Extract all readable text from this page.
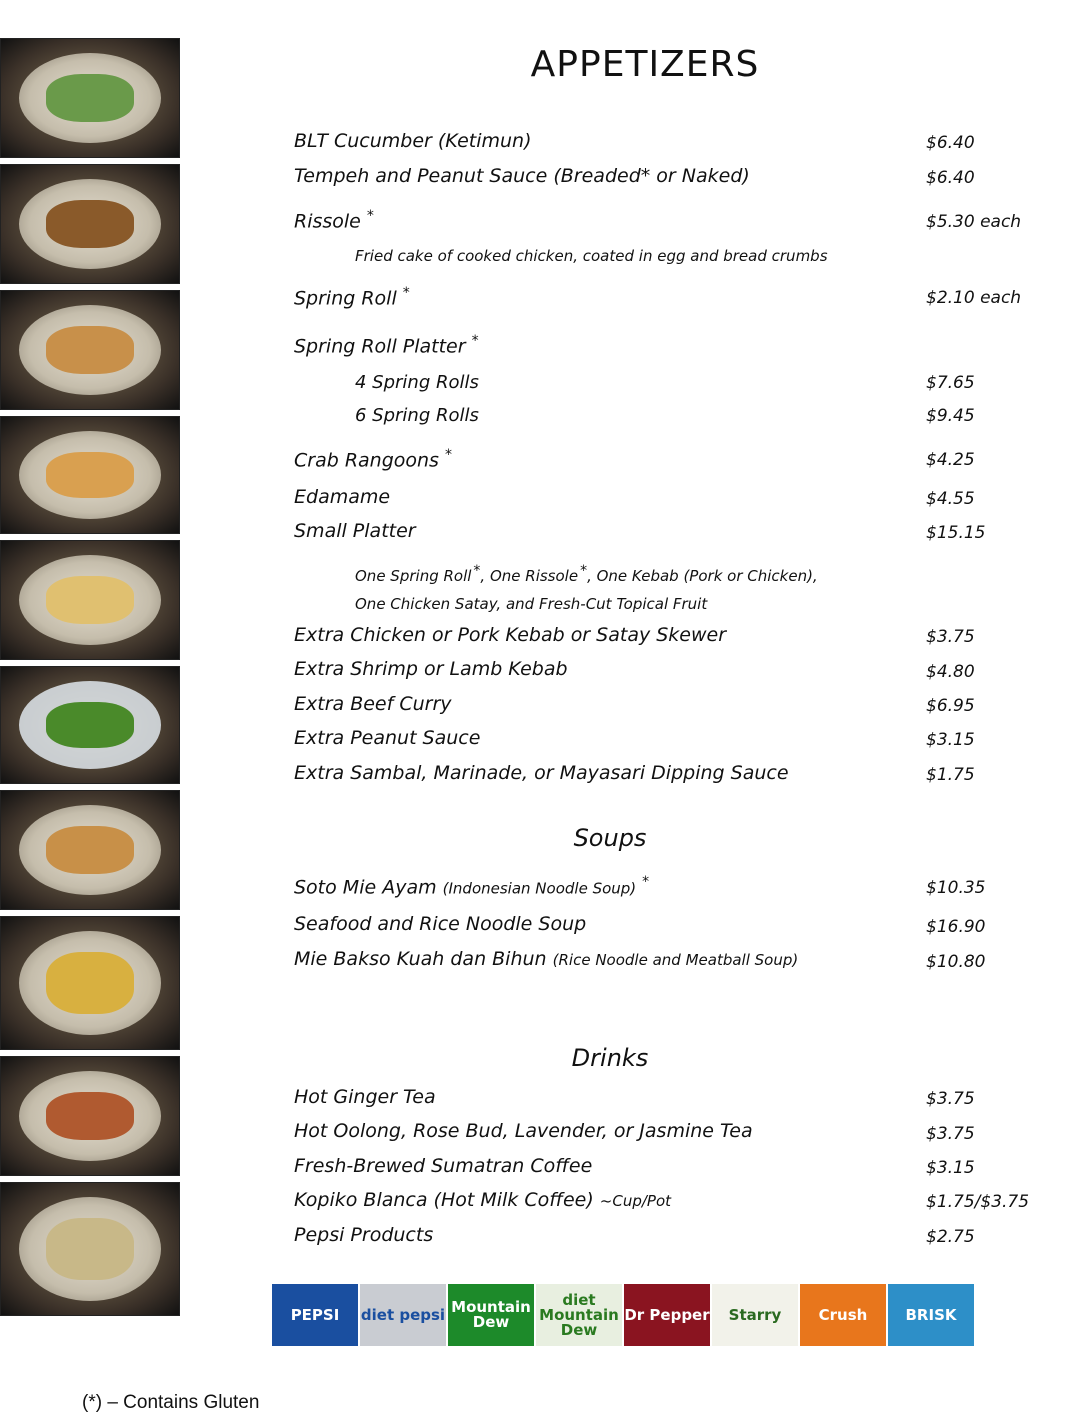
APPETIZERS
BLT Cucumber (Ketimun)	$6.40
Tempeh and Peanut Sauce (Breaded* or Naked)	$6.40
Rissole *	$5.30 each
Fried cake of cooked chicken, coated in egg and bread crumbs
Spring Roll *	$2.10 each
Spring Roll Platter *
4 Spring Rolls	$7.65
6 Spring Rolls	$9.45
Crab Rangoons *	$4.25
Edamame	$4.55
Small Platter	$15.15
One Spring Roll *, One Rissole *, One Kebab (Pork or Chicken),
One Chicken Satay, and Fresh-Cut Topical Fruit
Extra Chicken or Pork Kebab or Satay Skewer	$3.75
Extra Shrimp or Lamb Kebab	$4.80
Extra Beef Curry	$6.95
Extra Peanut Sauce	$3.15
Extra Sambal, Marinade, or Mayasari Dipping Sauce	$1.75
Soups
Soto Mie Ayam (Indonesian Noodle Soup) *	$10.35
Seafood and Rice Noodle Soup	$16.90
Mie Bakso Kuah dan Bihun (Rice Noodle and Meatball Soup)	$10.80
Drinks
Hot Ginger Tea	$3.75
Hot Oolong, Rose Bud, Lavender, or Jasmine Tea	$3.75
Fresh-Brewed Sumatran Coffee	$3.15
Kopiko Blanca (Hot Milk Coffee) ~Cup/Pot	$1.75/$3.75
Pepsi Products	$2.75
PEPSI	diet pepsi Mountain Dew
diet Mountain Dew
Dr Pepper	Starry	Crush	BRISK
(*) – Contains Gluten
